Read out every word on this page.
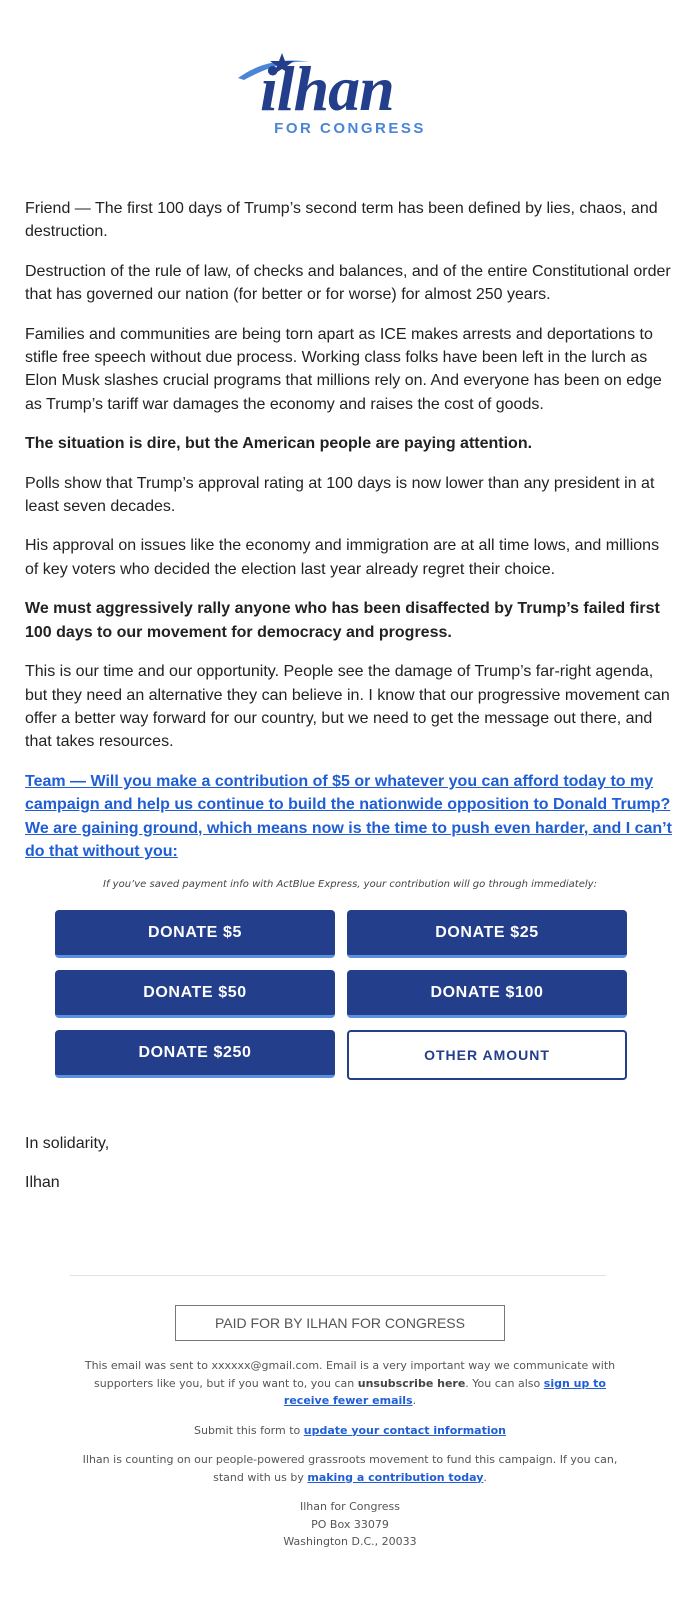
ilhan
FOR CONGRESS

Friend — The first 100 days of Trump’s second term has been defined by lies, chaos, and destruction.

Destruction of the rule of law, of checks and balances, and of the entire Constitutional order that has governed our nation (for better or for worse) for almost 250 years.

Families and communities are being torn apart as ICE makes arrests and deportations to stifle free speech without due process. Working class folks have been left in the lurch as Elon Musk slashes crucial programs that millions rely on. And everyone has been on edge as Trump’s tariff war damages the economy and raises the cost of goods.

The situation is dire, but the American people are paying attention.

Polls show that Trump’s approval rating at 100 days is now lower than any president in at least seven decades.

His approval on issues like the economy and immigration are at all time lows, and millions of key voters who decided the election last year already regret their choice.

We must aggressively rally anyone who has been disaffected by Trump’s failed first 100 days to our movement for democracy and progress.

This is our time and our opportunity. People see the damage of Trump’s far-right agenda, but they need an alternative they can believe in. I know that our progressive movement can offer a better way forward for our country, but we need to get the message out there, and that takes resources.

Team — Will you make a contribution of $5 or whatever you can afford today to my campaign and help us continue to build the nationwide opposition to Donald Trump? We are gaining ground, which means now is the time to push even harder, and I can’t do that without you:

If you’ve saved payment info with ActBlue Express, your contribution will go through immediately:

DONATE $5	DONATE $25
DONATE $50	DONATE $100
DONATE $250	OTHER AMOUNT

In solidarity,

Ilhan

PAID FOR BY ILHAN FOR CONGRESS

This email was sent to xxxxxx@gmail.com. Email is a very important way we communicate with supporters like you, but if you want to, you can unsubscribe here. You can also sign up to receive fewer emails.

Submit this form to update your contact information

Ilhan is counting on our people-powered grassroots movement to fund this campaign. If you can, stand with us by making a contribution today.

Ilhan for Congress
PO Box 33079
Washington D.C., 20033
